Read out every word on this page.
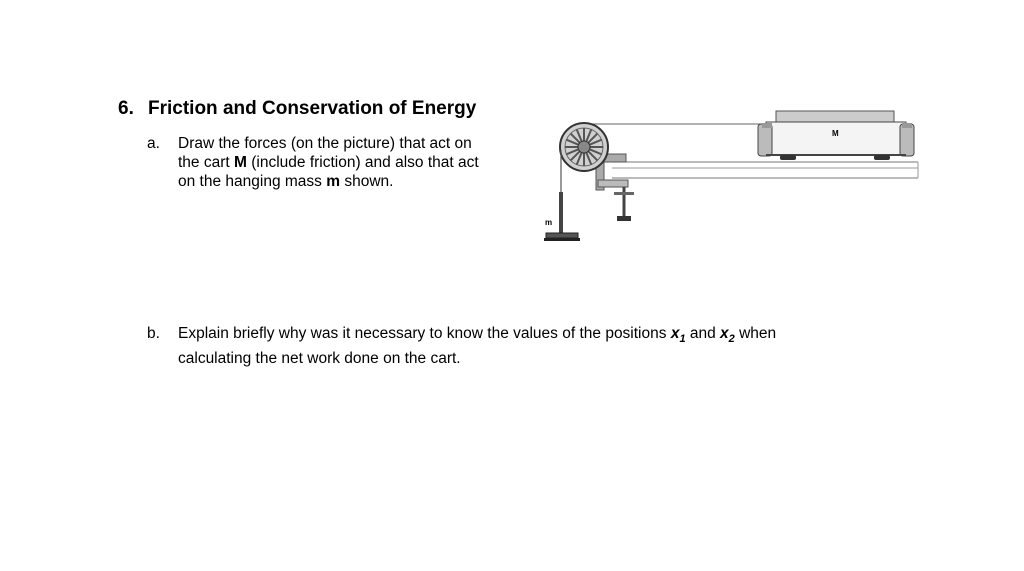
6. Friction and Conservation of Energy
a. Draw the forces (on the picture) that act on
the cart M (include friction) and also that act
on the hanging mass m shown.
b. Explain briefly why was it necessary to know the values of the positions $x_1$ and $x_2$ when
calculating the net work done on the cart.
m
M
